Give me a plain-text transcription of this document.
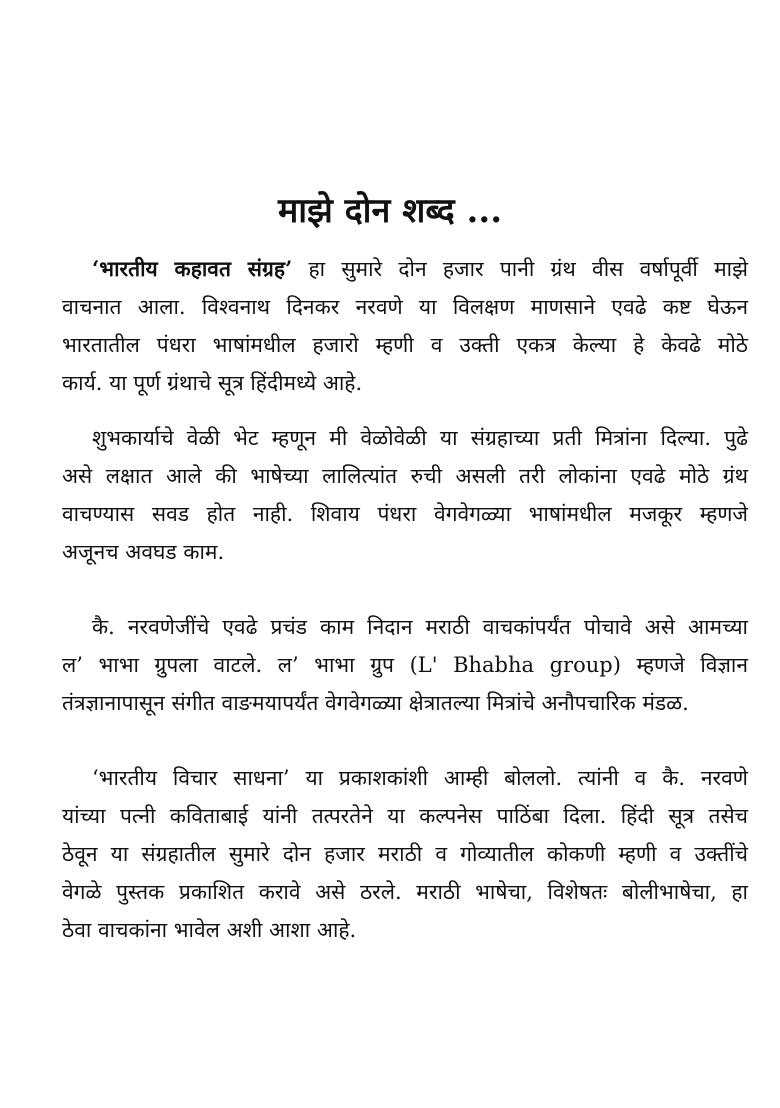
माझे दोन शब्द ...
‘भारतीय कहावत संग्रह’ हा सुमारे दोन हजार पानी ग्रंथ वीस वर्षापूर्वी माझे
वाचनात आला. विश्वनाथ दिनकर नरवणे या विलक्षण माणसाने एवढे कष्ट घेऊन
भारतातील पंधरा भाषांमधील हजारो म्हणी व उक्ती एकत्र केल्या हे केवढे मोठे
कार्य. या पूर्ण ग्रंथाचे सूत्र हिंदीमध्ये आहे.
शुभकार्याचे वेळी भेट म्हणून मी वेळोवेळी या संग्रहाच्या प्रती मित्रांना दिल्या. पुढे
असे लक्षात आले की भाषेच्या लालित्यांत रुची असली तरी लोकांना एवढे मोठे ग्रंथ
वाचण्यास सवड होत नाही. शिवाय पंधरा वेगवेगळ्या भाषांमधील मजकूर म्हणजे
अजूनच अवघड काम.
कै. नरवणेजींचे एवढे प्रचंड काम निदान मराठी वाचकांपर्यंत पोचावे असे आमच्या
ल’ भाभा ग्रुपला वाटले. ल’ भाभा ग्रुप (L' Bhabha group) म्हणजे विज्ञान
तंत्रज्ञानापासून संगीत वाङमयापर्यंत वेगवेगळ्या क्षेत्रातल्या मित्रांचे अनौपचारिक मंडळ.
‘भारतीय विचार साधना’ या प्रकाशकांशी आम्ही बोललो. त्यांनी व कै. नरवणे
यांच्या पत्नी कविताबाई यांनी तत्परतेने या कल्पनेस पाठिंबा दिला. हिंदी सूत्र तसेच
ठेवून या संग्रहातील सुमारे दोन हजार मराठी व गोव्यातील कोकणी म्हणी व उक्तींचे
वेगळे पुस्तक प्रकाशित करावे असे ठरले. मराठी भाषेचा, विशेषतः बोलीभाषेचा, हा
ठेवा वाचकांना भावेल अशी आशा आहे.
